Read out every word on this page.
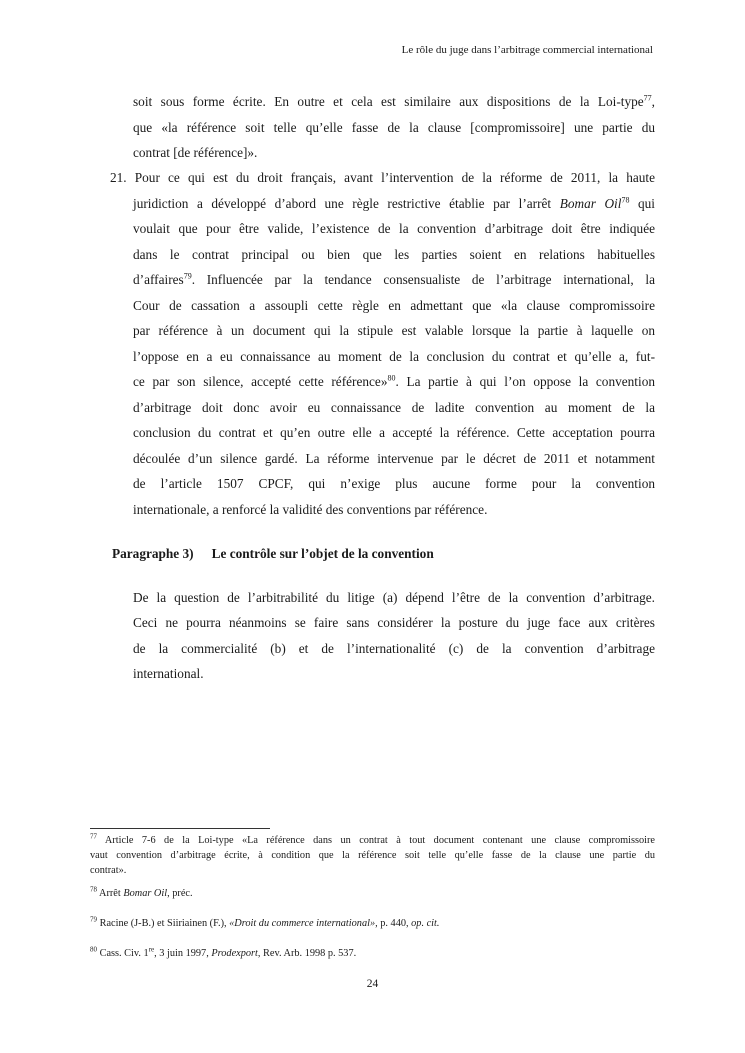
Le rôle du juge dans l’arbitrage commercial international
soit sous forme écrite. En outre et cela est similaire aux dispositions de la Loi-type$^{77}$,
que «la référence soit telle qu’elle fasse de la clause [compromissoire] une partie du
contrat [de référence]».
21. Pour ce qui est du droit français, avant l’intervention de la réforme de 2011, la haute
juridiction a développé d’abord une règle restrictive établie par l’arrêt Bomar Oil$^{78}$ qui
voulait que pour être valide, l’existence de la convention d’arbitrage doit être indiquée
dans le contrat principal ou bien que les parties soient en relations habituelles
d’affaires$^{79}$. Influencée par la tendance consensualiste de l’arbitrage international, la
Cour de cassation a assoupli cette règle en admettant que «la clause compromissoire
par référence à un document qui la stipule est valable lorsque la partie à laquelle on
l’oppose en a eu connaissance au moment de la conclusion du contrat et qu’elle a, fut-
ce par son silence, accepté cette référence»$^{80}$. La partie à qui l’on oppose la convention
d’arbitrage doit donc avoir eu connaissance de ladite convention au moment de la
conclusion du contrat et qu’en outre elle a accepté la référence. Cette acceptation pourra
découlée d’un silence gardé. La réforme intervenue par le décret de 2011 et notamment
de l’article 1507 CPCF, qui n’exige plus aucune forme pour la convention
internationale, a renforcé la validité des conventions par référence.
Paragraphe 3) Le contrôle sur l’objet de la convention
De la question de l’arbitrabilité du litige (a) dépend l’être de la convention d’arbitrage.
Ceci ne pourra néanmoins se faire sans considérer la posture du juge face aux critères
de la commercialité (b) et de l’internationalité (c) de la convention d’arbitrage
international.
$^{77}$ Article 7-6 de la Loi-type «La référence dans un contrat à tout document contenant une clause compromissoire
vaut convention d’arbitrage écrite, à condition que la référence soit telle qu’elle fasse de la clause une partie du
contrat».
$^{78}$ Arrêt Bomar Oil, préc.
$^{79}$ Racine (J-B.) et Siiriainen (F.), «Droit du commerce international», p. 440, op. cit.
$^{80}$ Cass. Civ. 1re, 3 juin 1997, Prodexport, Rev. Arb. 1998 p. 537.
24
